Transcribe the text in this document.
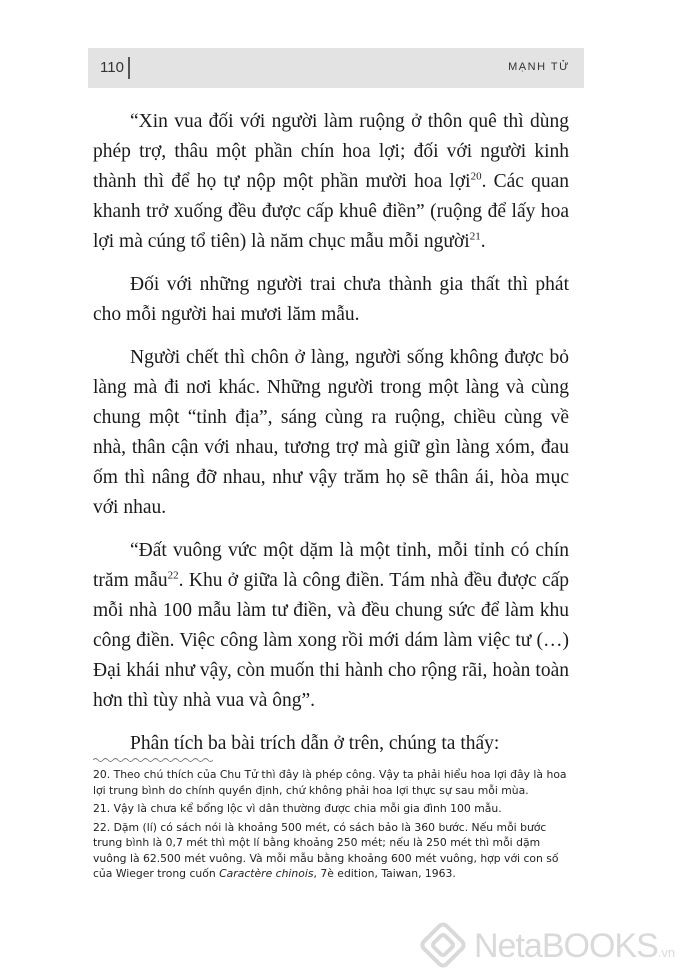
110	MẠNH TỬ

“Xin vua đối với người làm ruộng ở thôn quê thì dùng phép trợ, thâu một phần chín hoa lợi; đối với người kinh thành thì để họ tự nộp một phần mười hoa lợi$^{20}$. Các quan khanh trở xuống đều được cấp khuê điền” (ruộng để lấy hoa lợi mà cúng tổ tiên) là năm chục mẫu mỗi người$^{21}$.

Đối với những người trai chưa thành gia thất thì phát cho mỗi người hai mươi lăm mẫu.

Người chết thì chôn ở làng, người sống không được bỏ làng mà đi nơi khác. Những người trong một làng và cùng chung một “tỉnh địa”, sáng cùng ra ruộng, chiều cùng về nhà, thân cận với nhau, tương trợ mà giữ gìn làng xóm, đau ốm thì nâng đỡ nhau, như vậy trăm họ sẽ thân ái, hòa mục với nhau.

“Đất vuông vức một dặm là một tỉnh, mỗi tỉnh có chín trăm mẫu$^{22}$. Khu ở giữa là công điền. Tám nhà đều được cấp mỗi nhà 100 mẫu làm tư điền, và đều chung sức để làm khu công điền. Việc công làm xong rồi mới dám làm việc tư (…) Đại khái như vậy, còn muốn thi hành cho rộng rãi, hoàn toàn hơn thì tùy nhà vua và ông”.

Phân tích ba bài trích dẫn ở trên, chúng ta thấy:

20. Theo chú thích của Chu Tử thì đây là phép công. Vậy ta phải hiểu hoa lợi đây là hoa lợi trung bình do chính quyền định, chứ không phải hoa lợi thực sự sau mỗi mùa.

21. Vậy là chưa kể bổng lộc vì dân thường được chia mỗi gia đình 100 mẫu.

22. Dặm (lí) có sách nói là khoảng 500 mét, có sách bảo là 360 bước. Nếu mỗi bước trung bình là 0,7 mét thì một lí bằng khoảng 250 mét; nếu là 250 mét thì mỗi dặm vuông là 62.500 mét vuông. Và mỗi mẫu bằng khoảng 600 mét vuông, hợp với con số của Wieger trong cuốn Caractère chinois, 7è edition, Taiwan, 1963.

NetaBOOKS.vn
